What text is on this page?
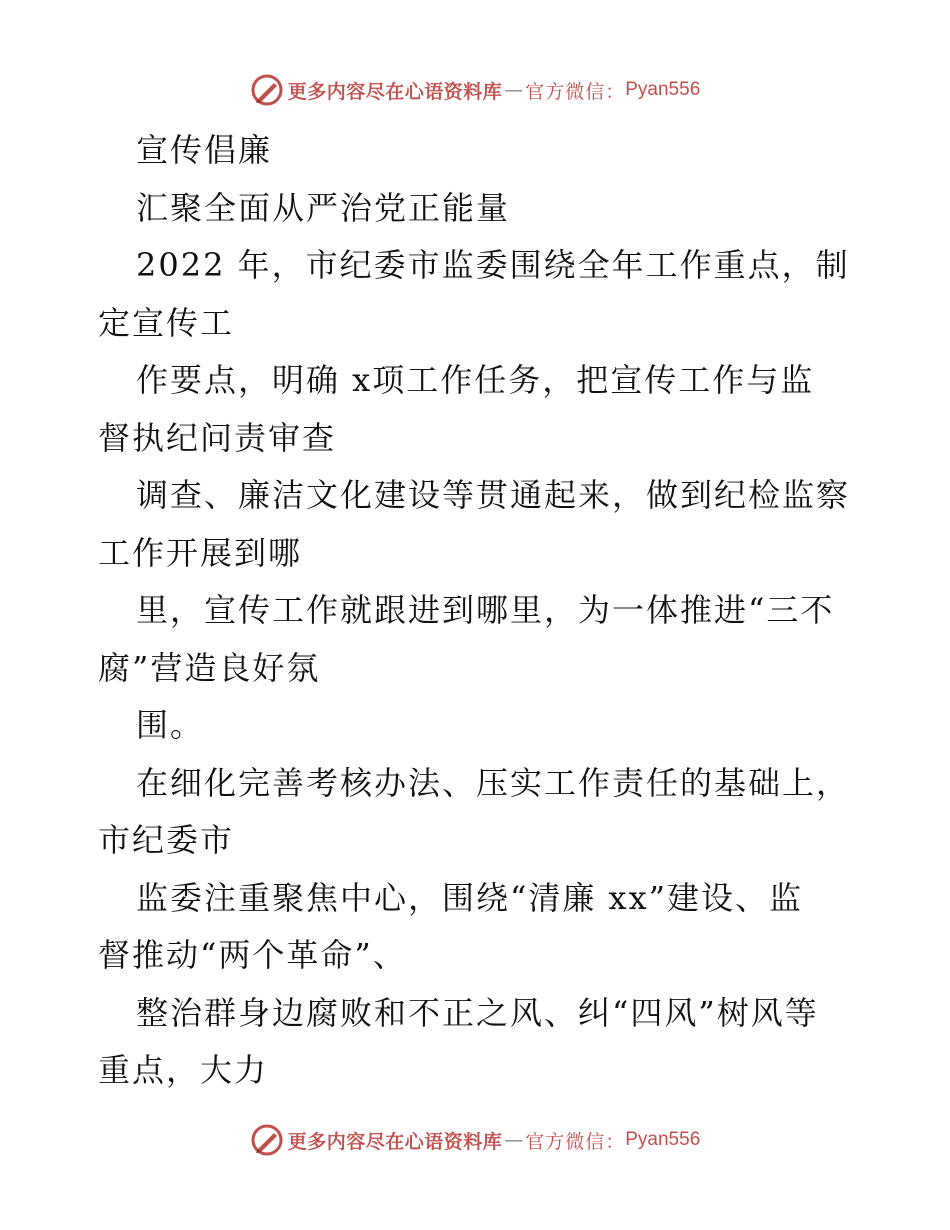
更多内容尽在心语资料库 — 官方微信： Pyan556
宣传倡廉
汇聚全面从严治党正能量
2022 年，市纪委市监委围绕全年工作重点，制
定宣传工
作要点，明确 x项工作任务，把宣传工作与监
督执纪问责审查
调查、廉洁文化建设等贯通起来，做到纪检监察
工作开展到哪
里，宣传工作就跟进到哪里，为一体推进“三不
腐”营造良好氛
围。
在细化完善考核办法、压实工作责任的基础上，
市纪委市
监委注重聚焦中心，围绕“清廉 xx”建设、监
督推动“两个革命”、
整治群身边腐败和不正之风、纠“四风”树风等
重点，大力
更多内容尽在心语资料库 — 官方微信： Pyan556
